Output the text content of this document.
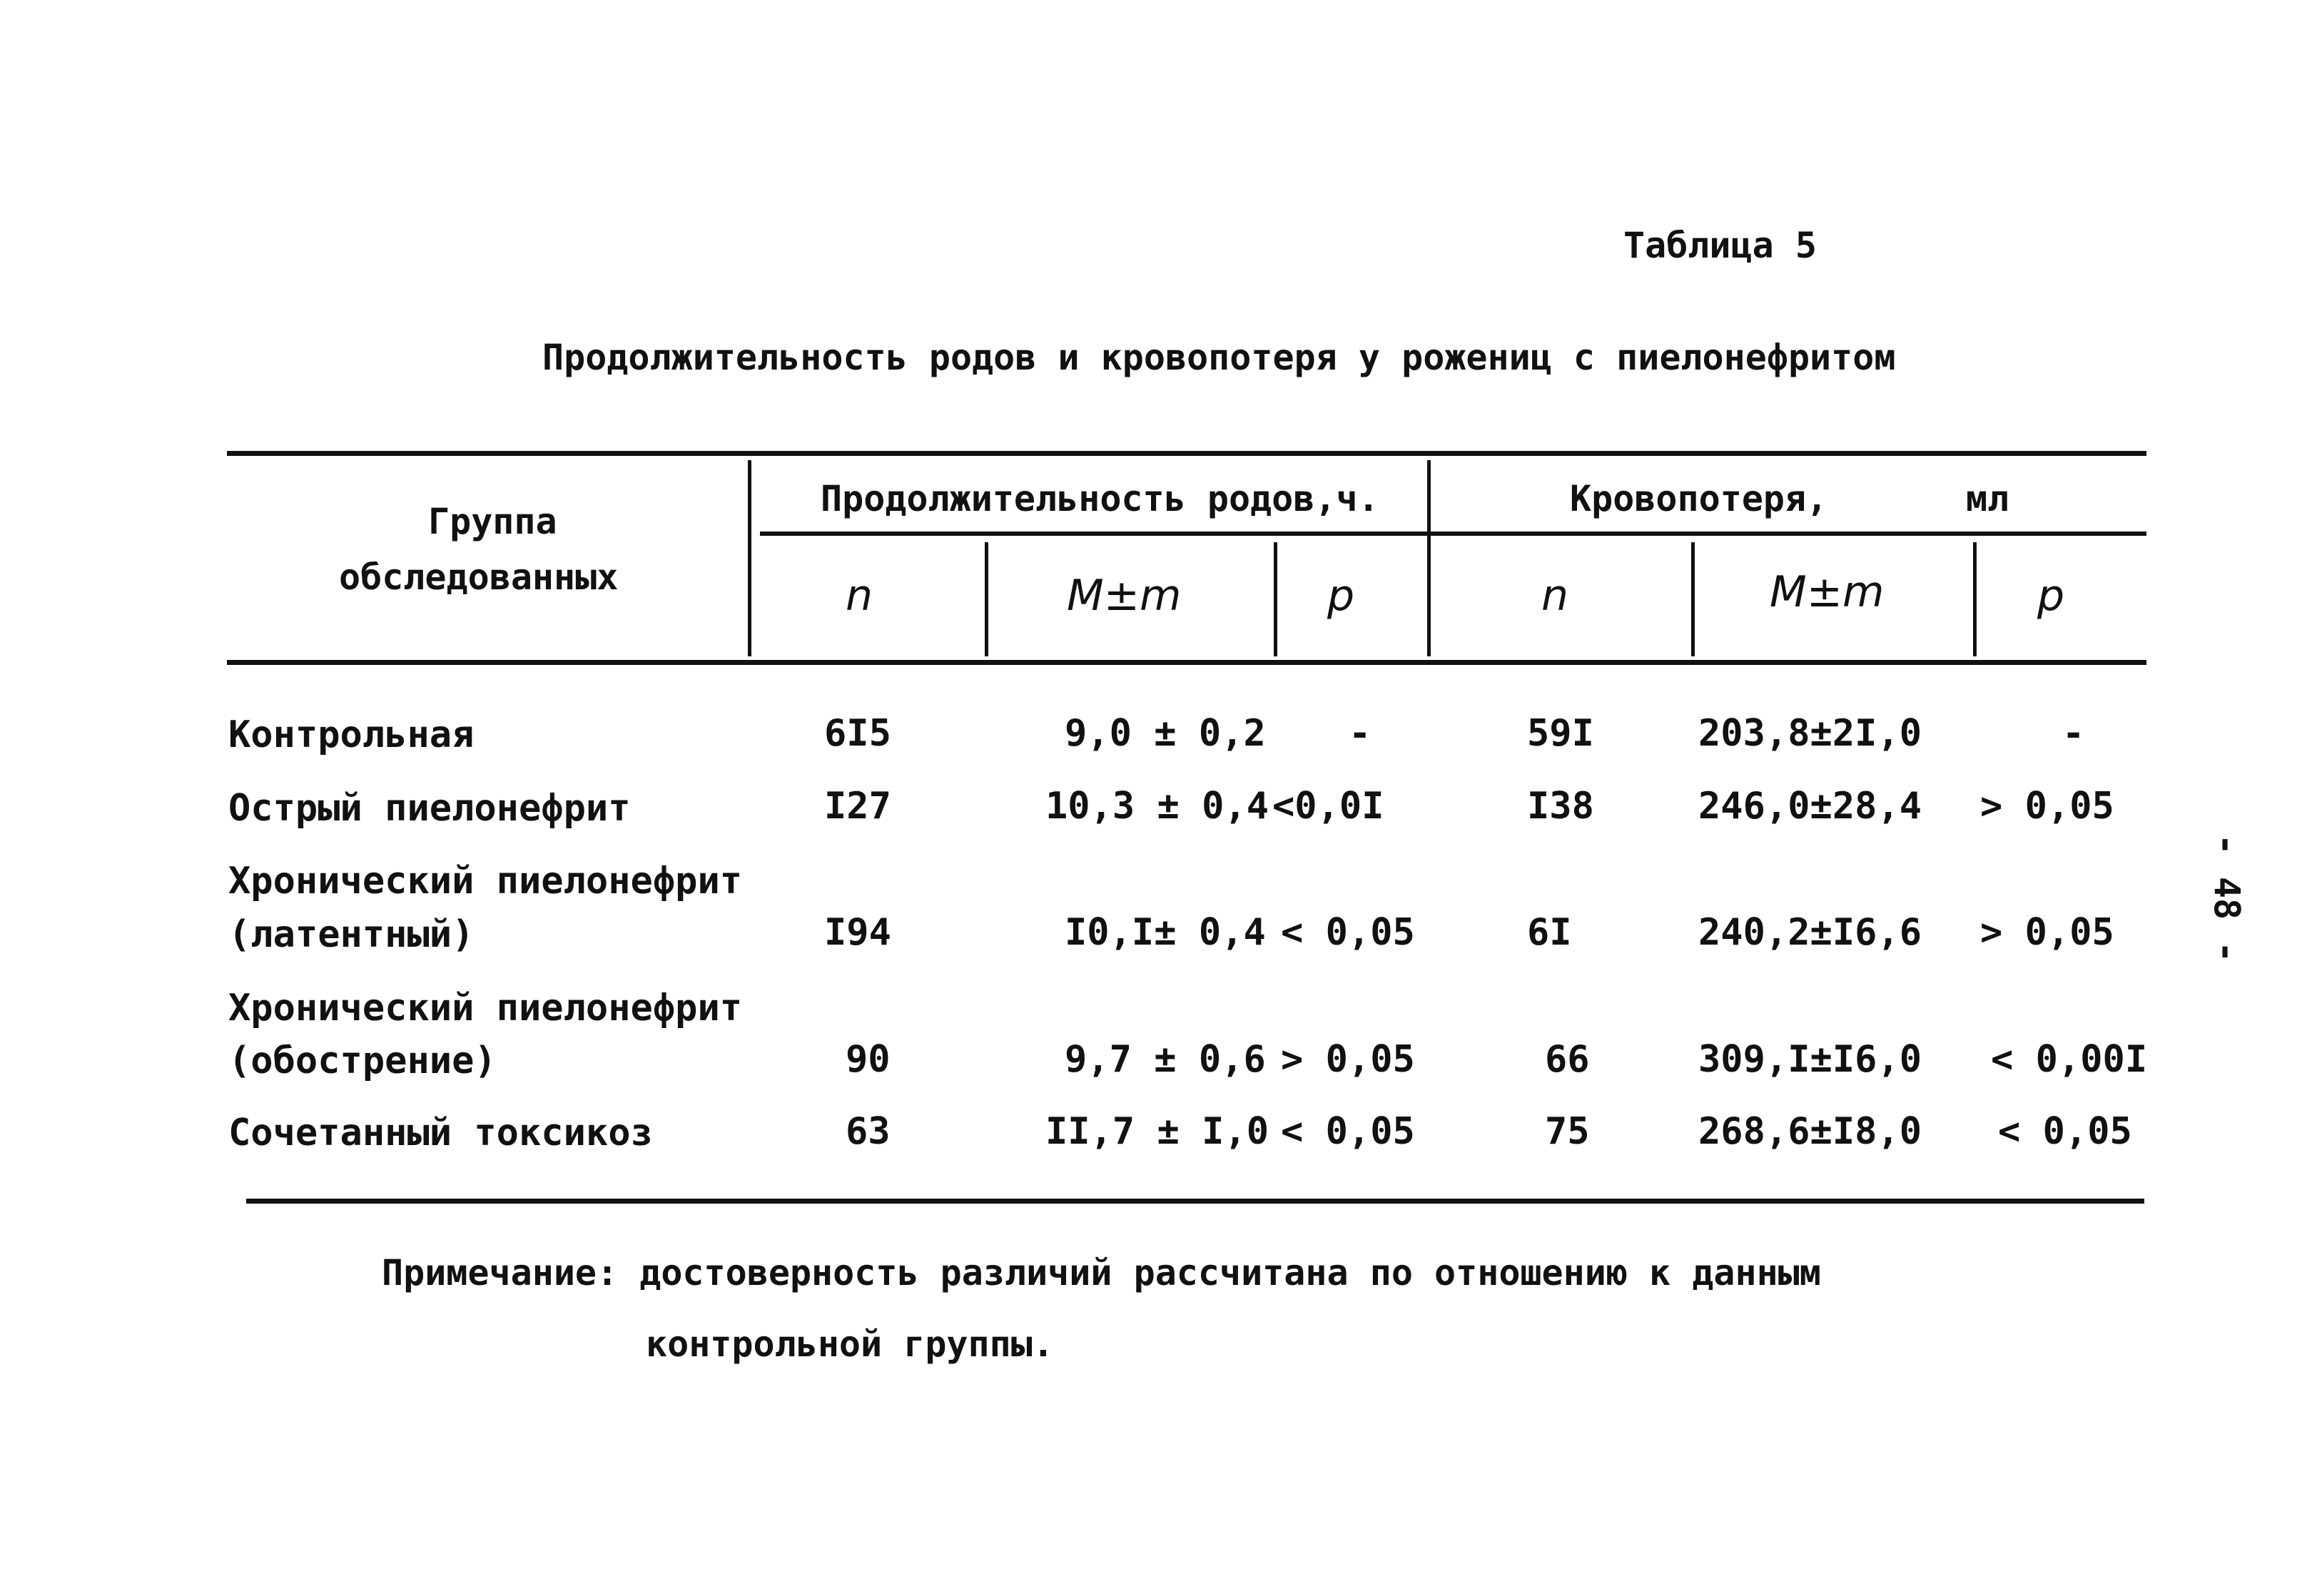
Таблица 5
Продолжительность родов и кровопотеря у рожениц с пиелонефритом
- 48 -
Группа
обследованных
Продолжительность родов,ч.	Кровопотеря,	мл
n	M±m	p	n	M±m	p
Контрольная	6I5	9,0 ± 0,2 -	59I	203,8±2I,0	-
Острый пиелонефрит	I27	10,3 ± 0,4 <0,0I	I38	246,0±28,4 > 0,05
Хронический пиелонефрит
(латентный)	I94	I0,I± 0,4 < 0,05	6I	240,2±I6,6 > 0,05
Хронический пиелонефрит
(обострение)	90	9,7 ± 0,6 > 0,05	66	309,I±I6,0 < 0,00I
Сочетанный токсикоз	63	II,7 ± I,0 < 0,05	75	268,6±I8,0 < 0,05
Примечание: достоверность различий рассчитана по отношению к данным
контрольной группы.
